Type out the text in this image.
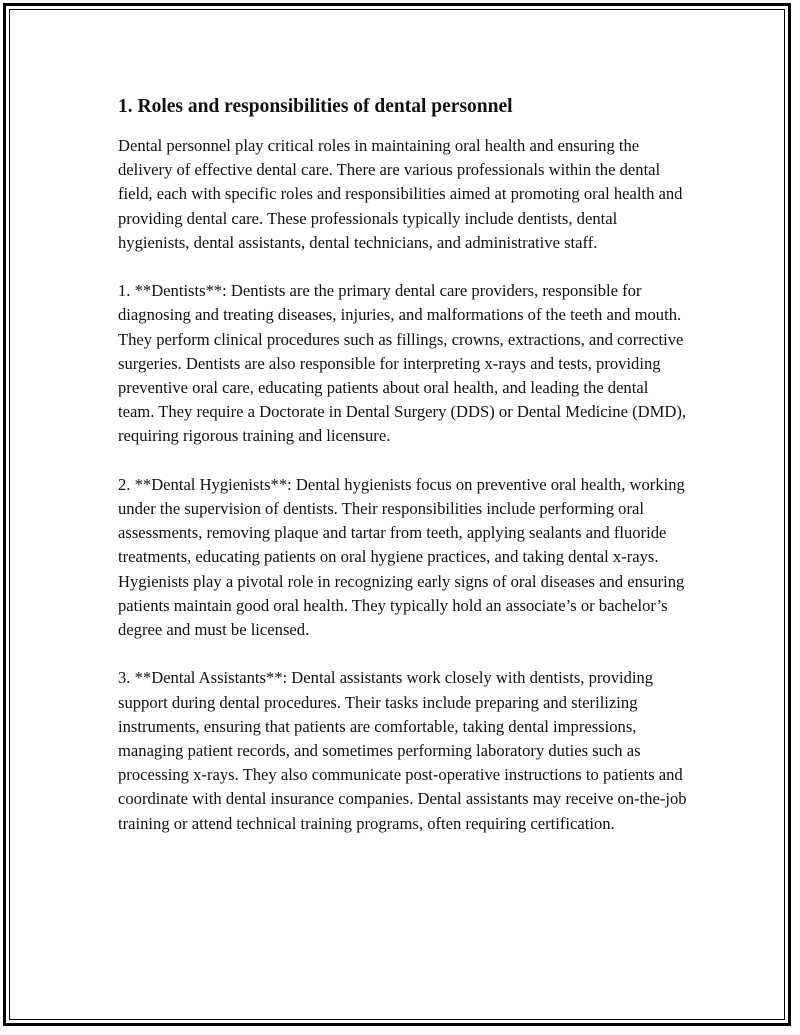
1. Roles and responsibilities of dental personnel

Dental personnel play critical roles in maintaining oral health and ensuring the delivery of effective dental care. There are various professionals within the dental field, each with specific roles and responsibilities aimed at promoting oral health and providing dental care. These professionals typically include dentists, dental hygienists, dental assistants, dental technicians, and administrative staff.

1. **Dentists**: Dentists are the primary dental care providers, responsible for diagnosing and treating diseases, injuries, and malformations of the teeth and mouth. They perform clinical procedures such as fillings, crowns, extractions, and corrective surgeries. Dentists are also responsible for interpreting x-rays and tests, providing preventive oral care, educating patients about oral health, and leading the dental team. They require a Doctorate in Dental Surgery (DDS) or Dental Medicine (DMD), requiring rigorous training and licensure.

2. **Dental Hygienists**: Dental hygienists focus on preventive oral health, working under the supervision of dentists. Their responsibilities include performing oral assessments, removing plaque and tartar from teeth, applying sealants and fluoride treatments, educating patients on oral hygiene practices, and taking dental x-rays. Hygienists play a pivotal role in recognizing early signs of oral diseases and ensuring patients maintain good oral health. They typically hold an associate’s or bachelor’s degree and must be licensed.

3. **Dental Assistants**: Dental assistants work closely with dentists, providing support during dental procedures. Their tasks include preparing and sterilizing instruments, ensuring that patients are comfortable, taking dental impressions, managing patient records, and sometimes performing laboratory duties such as processing x-rays. They also communicate post-operative instructions to patients and coordinate with dental insurance companies. Dental assistants may receive on-the-job training or attend technical training programs, often requiring certification.
